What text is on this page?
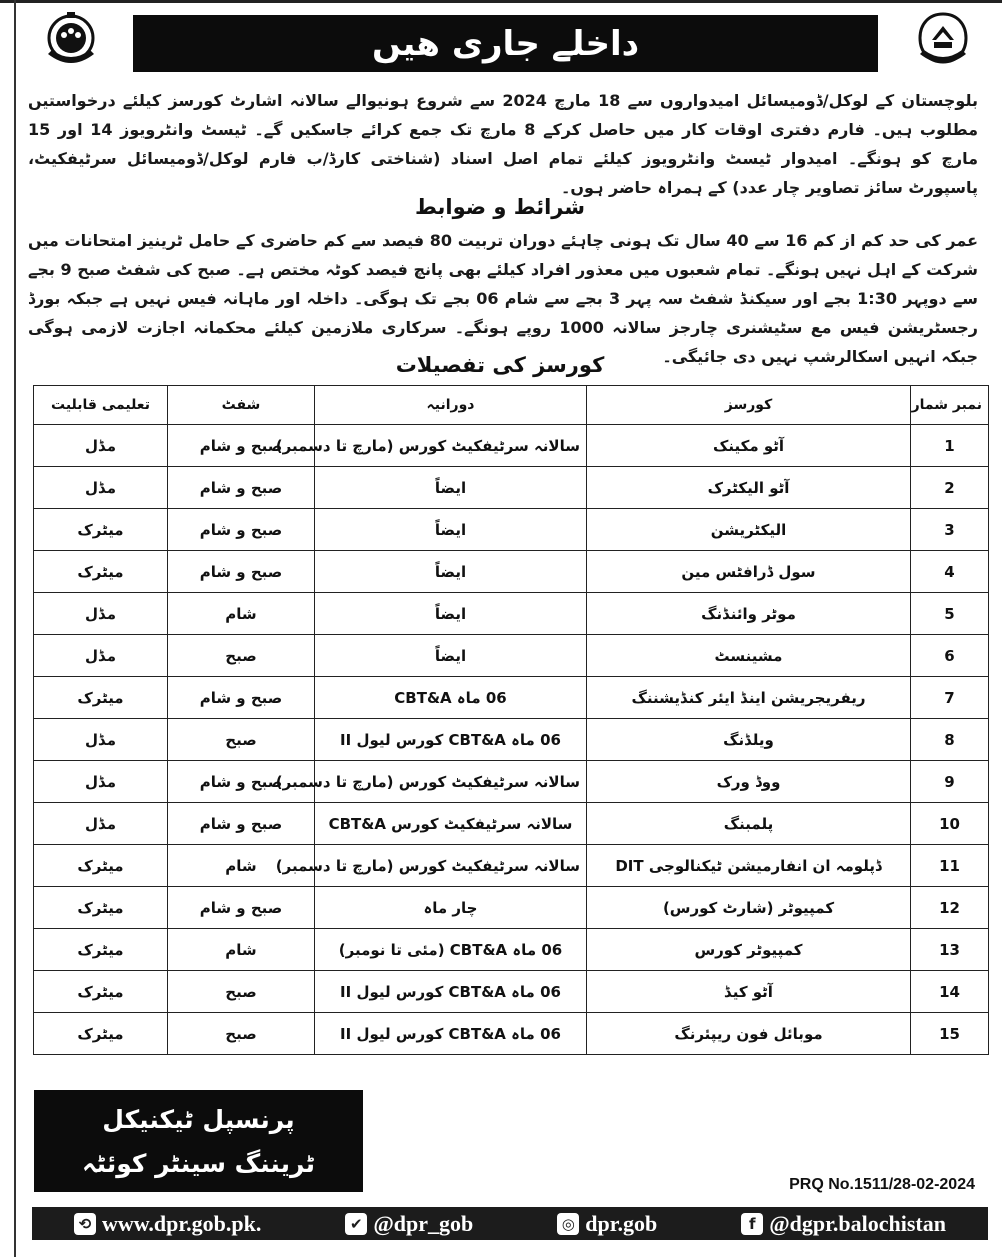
داخلے جاری ھیں
بلوچستان کے لوکل/ڈومیسائل امیدواروں سے 18 مارچ 2024 سے شروع ہونیوالے سالانہ اشارٹ کورسز کیلئے درخواستیں مطلوب ہیں۔ فارم دفتری اوقات کار میں حاصل کرکے 8 مارچ تک جمع کرائے جاسکیں گے۔ ٹیسٹ وانٹرویوز 14 اور 15 مارچ کو ہونگے۔ امیدوار ٹیسٹ وانٹرویوز کیلئے تمام اصل اسناد (شناختی کارڈ/ب فارم لوکل/ڈومیسائل سرٹیفکیٹ، پاسپورٹ سائز تصاویر چار عدد) کے ہمراہ حاضر ہوں۔
شرائط و ضوابط
عمر کی حد کم از کم 16 سے 40 سال تک ہونی چاہئے دوران تربیت 80 فیصد سے کم حاضری کے حامل ٹرینیز امتحانات میں شرکت کے اہل نہیں ہونگے۔ تمام شعبوں میں معذور افراد کیلئے بھی پانچ فیصد کوٹہ مختص ہے۔ صبح کی شفٹ صبح 9 بجے سے دوپہر 1:30 بجے اور سیکنڈ شفٹ سہ پہر 3 بجے سے شام 06 بجے تک ہوگی۔ داخلہ اور ماہانہ فیس نہیں ہے جبکہ بورڈ رجسٹریشن فیس مع سٹیشنری چارجز سالانہ 1000 روپے ہونگے۔ سرکاری ملازمین کیلئے محکمانہ اجازت لازمی ہوگی جبکہ انہیں اسکالرشپ نہیں دی جائیگی۔
کورسز کی تفصیلات
نمبر شمار	کورسز	دورانیہ	شفٹ	تعلیمی قابلیت
1	آٹو مکینک	سالانہ سرٹیفکیٹ کورس (مارچ تا دسمبر)	صبح و شام	مڈل
2	آٹو الیکٹرک	ایضاً	صبح و شام	مڈل
3	الیکٹریشن	ایضاً	صبح و شام	میٹرک
4	سول ڈرافٹس مین	ایضاً	صبح و شام	میٹرک
5	موٹر وائنڈنگ	ایضاً	شام	مڈل
6	مشینسٹ	ایضاً	صبح	مڈل
7	ریفریجریشن اینڈ ایئر کنڈیشننگ	06 ماہ CBT&A	صبح و شام	میٹرک
8	ویلڈنگ	06 ماہ CBT&A کورس لیول II	صبح	مڈل
9	ووڈ ورک	سالانہ سرٹیفکیٹ کورس (مارچ تا دسمبر)	صبح و شام	مڈل
10	پلمبنگ	سالانہ سرٹیفکیٹ کورس CBT&A	صبح و شام	مڈل
11	ڈپلومہ ان انفارمیشن ٹیکنالوجی DIT	سالانہ سرٹیفکیٹ کورس (مارچ تا دسمبر)	شام	میٹرک
12	کمپیوٹر (شارٹ کورس)	چار ماہ	صبح و شام	میٹرک
13	کمپیوٹر کورس	06 ماہ CBT&A (مئی تا نومبر)	شام	میٹرک
14	آٹو کیڈ	06 ماہ CBT&A کورس لیول II	صبح	میٹرک
15	موبائل فون ریپئرنگ	06 ماہ CBT&A کورس لیول II	صبح	میٹرک
پرنسپل ٹیکنیکل
ٹریننگ سینٹر کوئٹہ
PRQ No.1511/28-02-2024
⟲ www.dpr.gob.pk.	✔ @dpr_gob	◎ dpr.gob	f @dgpr.balochistan
